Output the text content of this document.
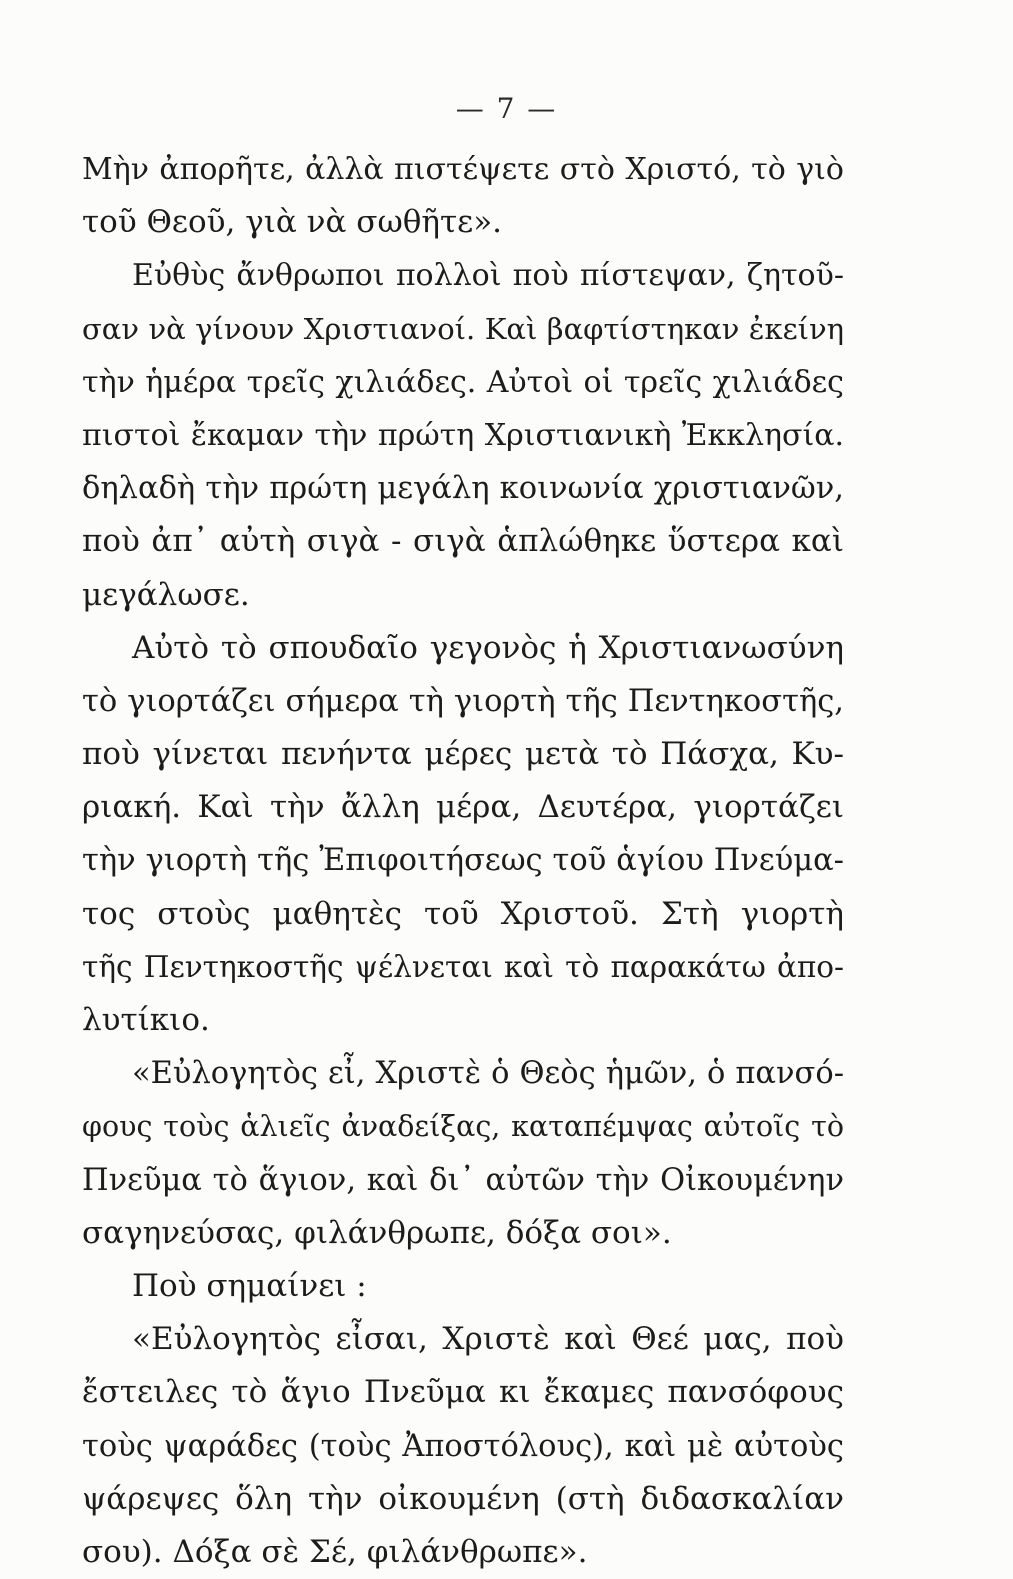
— 7 —
Μὴν ἀπορῆτε, ἀλλὰ πιστέψετε στὸ Χριστό, τὸ γιὸ
τοῦ Θεοῦ, γιὰ νὰ σωθῆτε».
Εὐθὺς ἄνθρωποι πολλοὶ ποὺ πίστεψαν, ζητοῦ-
σαν νὰ γίνουν Χριστιανοί. Καὶ βαφτίστηκαν ἐκείνη
τὴν ἡμέρα τρεῖς χιλιάδες. Αὐτοὶ οἱ τρεῖς χιλιάδες
πιστοὶ ἔκαμαν τὴν πρώτη Χριστιανικὴ Ἐκκλησία.
δηλαδὴ τὴν πρώτη μεγάλη κοινωνία χριστιανῶν,
ποὺ ἀπ᾽ αὐτὴ σιγὰ - σιγὰ ἁπλώθηκε ὕστερα καὶ
μεγάλωσε.
Αὐτὸ τὸ σπουδαῖο γεγονὸς ἡ Χριστιανωσύνη
τὸ γιορτάζει σήμερα τὴ γιορτὴ τῆς Πεντηκοστῆς,
ποὺ γίνεται πενήντα μέρες μετὰ τὸ Πάσχα, Κυ-
ριακή. Καὶ τὴν ἄλλη μέρα, Δευτέρα, γιορτάζει
τὴν γιορτὴ τῆς Ἐπιφοιτήσεως τοῦ ἁγίου Πνεύμα-
τος στοὺς μαθητὲς τοῦ Χριστοῦ. Στὴ γιορτὴ
τῆς Πεντηκοστῆς ψέλνεται καὶ τὸ παρακάτω ἀπο-
λυτίκιο.
«Εὐλογητὸς εἶ, Χριστὲ ὁ Θεὸς ἡμῶν, ὁ πανσό-
φους τοὺς ἁλιεῖς ἀναδείξας, καταπέμψας αὐτοῖς τὸ
Πνεῦμα τὸ ἅγιον, καὶ δι᾽ αὐτῶν τὴν Οἰκουμένην
σαγηνεύσας, φιλάνθρωπε, δόξα σοι».
Ποὺ σημαίνει :
«Εὐλογητὸς εἶσαι, Χριστὲ καὶ Θεέ μας, ποὺ
ἔστειλες τὸ ἅγιο Πνεῦμα κι ἔκαμες πανσόφους
τοὺς ψαράδες (τοὺς Ἀποστόλους), καὶ μὲ αὐτοὺς
ψάρεψες ὅλη τὴν οἰκουμένη (στὴ διδασκαλίαν
σου). Δόξα σὲ Σέ, φιλάνθρωπε».
